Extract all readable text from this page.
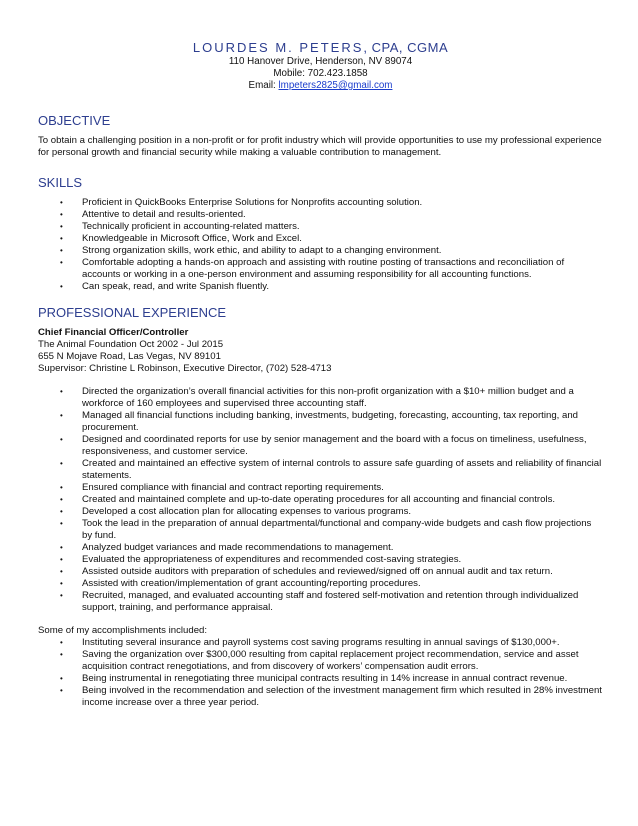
LOURDES M. PETERS, CPA, CGMA
110 Hanover Drive, Henderson, NV 89074
Mobile: 702.423.1858
Email: lmpeters2825@gmail.com
OBJECTIVE
To obtain a challenging position in a non-profit or for profit industry which will provide opportunities to use my professional experience for personal growth and financial security while making a valuable contribution to management.
SKILLS
• Proficient in QuickBooks Enterprise Solutions for Nonprofits accounting solution.
• Attentive to detail and results-oriented.
• Technically proficient in accounting-related matters.
• Knowledgeable in Microsoft Office, Work and Excel.
• Strong organization skills, work ethic, and ability to adapt to a changing environment.
• Comfortable adopting a hands-on approach and assisting with routine posting of transactions and reconciliation of accounts or working in a one-person environment and assuming responsibility for all accounting functions.
• Can speak, read, and write Spanish fluently.
PROFESSIONAL EXPERIENCE
Chief Financial Officer/Controller
The Animal Foundation Oct 2002 - Jul 2015
655 N Mojave Road, Las Vegas, NV 89101
Supervisor: Christine L Robinson, Executive Director, (702) 528-4713
• Directed the organization’s overall financial activities for this non-profit organization with a $10+ million budget and a workforce of 160 employees and supervised three accounting staff.
• Managed all financial functions including banking, investments, budgeting, forecasting, accounting, tax reporting, and procurement.
• Designed and coordinated reports for use by senior management and the board with a focus on timeliness, usefulness, responsiveness, and customer service.
• Created and maintained an effective system of internal controls to assure safe guarding of assets and reliability of financial statements.
• Ensured compliance with financial and contract reporting requirements.
• Created and maintained complete and up-to-date operating procedures for all accounting and financial controls.
• Developed a cost allocation plan for allocating expenses to various programs.
• Took the lead in the preparation of annual departmental/functional and company-wide budgets and cash flow projections by fund.
• Analyzed budget variances and made recommendations to management.
• Evaluated the appropriateness of expenditures and recommended cost-saving strategies.
• Assisted outside auditors with preparation of schedules and reviewed/signed off on annual audit and tax return.
• Assisted with creation/implementation of grant accounting/reporting procedures.
• Recruited, managed, and evaluated accounting staff and fostered self-motivation and retention through individualized support, training, and performance appraisal.
Some of my accomplishments included:
• Instituting several insurance and payroll systems cost saving programs resulting in annual savings of $130,000+.
• Saving the organization over $300,000 resulting from capital replacement project recommendation, service and asset acquisition contract renegotiations, and from discovery of workers’ compensation audit errors.
• Being instrumental in renegotiating three municipal contracts resulting in 14% increase in annual contract revenue.
• Being involved in the recommendation and selection of the investment management firm which resulted in 28% investment income increase over a three year period.
